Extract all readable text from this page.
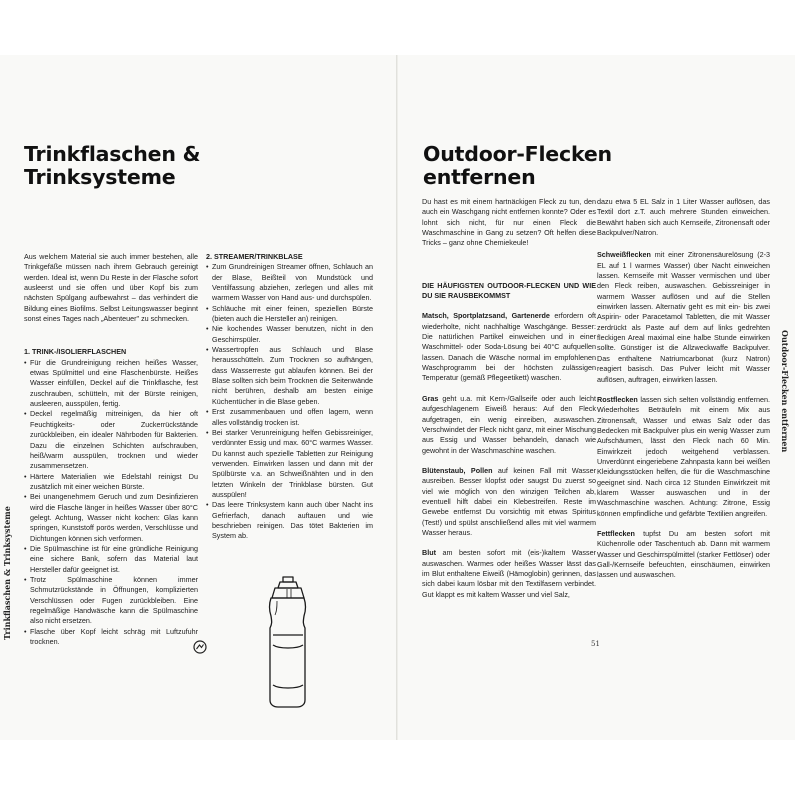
Trinkflaschen &
Trinksysteme

Aus welchem Material sie auch immer bestehen, alle Trinkgefäße müssen nach ihrem Gebrauch gereinigt werden. Ideal ist, wenn Du Reste in der Flasche sofort ausleerst und sie offen und über Kopf bis zum nächsten Spülgang aufbewahrst – das verhindert die Bildung eines Biofilms. Selbst Leitungswasser beginnt sonst eines Tages nach „Abenteuer" zu schmecken.

1. TRINK-/ISOLIERFLASCHEN

• Für die Grundreinigung reichen heißes Wasser, etwas Spülmittel und eine Flaschenbürste. Heißes Wasser einfüllen, Deckel auf die Trinkflasche, fest zuschrauben, schütteln, mit der Bürste reinigen, ausleeren, ausspülen, fertig.
• Deckel regelmäßig mitreinigen, da hier oft Feuchtigkeits- oder Zuckerrückstände zurückbleiben, ein idealer Nährboden für Bakterien. Dazu die einzelnen Schichten aufschrauben, heiß/warm ausspülen, trocknen und wieder zusammensetzen.
• Härtere Materialien wie Edelstahl reinigst Du zusätzlich mit einer weichen Bürste.
• Bei unangenehmem Geruch und zum Desinfizieren wird die Flasche länger in heißes Wasser über 80°C gelegt. Achtung, Wasser nicht kochen: Glas kann springen, Kunststoff porös werden, Verschlüsse und Dichtungen können sich verformen.
• Die Spülmaschine ist für eine gründliche Reinigung eine sichere Bank, sofern das Material laut Hersteller dafür geeignet ist.
• Trotz Spülmaschine können immer Schmutzrückstände in Öffnungen, komplizierten Verschlüssen oder Fugen zurückbleiben. Eine regelmäßige Handwäsche kann die Spülmaschine also nicht ersetzen.
• Flasche über Kopf leicht schräg mit Luftzufuhr trocknen.

2. STREAMER/TRINKBLASE

• Zum Grundreinigen Streamer öffnen, Schlauch an der Blase, Beißteil von Mundstück und Ventilfassung abziehen, zerlegen und alles mit warmem Wasser von Hand aus- und durchspülen.
• Schläuche mit einer feinen, speziellen Bürste (bieten auch die Hersteller an) reinigen.
• Nie kochendes Wasser benutzen, nicht in den Geschirrspüler.
• Wassertropfen aus Schlauch und Blase herausschütteln. Zum Trocknen so aufhängen, dass Wasserreste gut ablaufen können. Bei der Blase sollten sich beim Trocknen die Seitenwände nicht berühren, deshalb am besten einige Küchentücher in die Blase geben.
• Erst zusammenbauen und offen lagern, wenn alles vollständig trocken ist.
• Bei starker Verunreinigung helfen Gebissreiniger, verdünnter Essig und max. 60°C warmes Wasser. Du kannst auch spezielle Tabletten zur Reinigung verwenden. Einwirken lassen und dann mit der Spülbürste v.a. an Schweißnähten und in den letzten Winkeln der Trinkblase bürsten. Gut ausspülen!
• Das leere Trinksystem kann auch über Nacht ins Gefrierfach, danach auftauen und wie beschrieben reinigen. Das tötet Bakterien im System ab.
Outdoor-Flecken
entfernen

Du hast es mit einem hartnäckigen Fleck zu tun, den auch ein Waschgang nicht entfernen konnte? Oder es lohnt sich nicht, für nur einen Fleck die Waschmaschine in Gang zu setzen? Oft helfen diese Tricks – ganz ohne Chemiekeule!

DIE HÄUFIGSTEN OUTDOOR-FLECKEN UND WIE DU SIE RAUSBEKOMMST

Matsch, Sportplatzsand, Gartenerde erfordern oft wiederholte, nicht nachhaltige Waschgänge. Besser: Die natürlichen Partikel einweichen und in einer Waschmittel- oder Soda-Lösung bei 40°C aufquellen lassen. Danach die Wäsche normal im empfohlenen Waschprogramm bei der höchsten zulässigen Temperatur (gemäß Pflegeetikett) waschen.
Gras geht u.a. mit Kern-/Gallseife oder auch leicht aufgeschlagenem Eiweiß heraus: Auf den Fleck aufgetragen, ein wenig einreiben, auswaschen. Verschwindet der Fleck nicht ganz, mit einer Mischung aus Essig und Wasser behandeln, danach wie gewohnt in der Waschmaschine waschen.
Blütenstaub, Pollen auf keinen Fall mit Wasser ausreiben. Besser klopfst oder saugst Du zuerst so viel wie möglich von den winzigen Teilchen ab, eventuell hilft dabei ein Klebestreifen. Reste im Gewebe entfernst Du vorsichtig mit etwas Spiritus (Test!) und spülst anschließend alles mit viel warmem Wasser heraus.
Blut am besten sofort mit (eis-)kaltem Wasser auswaschen. Warmes oder heißes Wasser lässt das im Blut enthaltene Eiweiß (Hämoglobin) gerinnen, das sich dabei kaum lösbar mit den Textilfasern verbindet. Gut klappt es mit kaltem Wasser und viel Salz,
dazu etwa 5 EL Salz in 1 Liter Wasser auflösen, das Textil dort z.T. auch mehrere Stunden einweichen. Bewährt haben sich auch Kernseife, Zitronensaft oder Backpulver/Natron.
Schweißflecken mit einer Zitronensäurelösung (2-3 EL auf 1 l warmes Wasser) über Nacht einweichen lassen. Kernseife mit Wasser vermischen und über den Fleck reiben, auswaschen. Gebissreiniger in warmem Wasser auflösen und auf die Stellen einwirken lassen. Alternativ geht es mit ein- bis zwei Aspirin- oder Paracetamol Tabletten, die mit Wasser zerdrückt als Paste auf dem auf links gedrehten fleckigen Areal maximal eine halbe Stunde einwirken sollte. Günstiger ist die Allzweckwaffe Backpulver. Das enthaltene Natriumcarbonat (kurz Natron) reagiert basisch. Das Pulver leicht mit Wasser auflösen, auftragen, einwirken lassen.
Rostflecken lassen sich selten vollständig entfernen. Wiederholtes Beträufeln mit einem Mix aus Zitronensaft, Wasser und etwas Salz oder das Bedecken mit Backpulver plus ein wenig Wasser zum Aufschäumen, lässt den Fleck nach 60 Min. Einwirkzeit jedoch weitgehend verblassen. Unverdünnt eingeriebene Zahnpasta kann bei weißen Kleidungsstücken helfen, die für die Waschmaschine geeignet sind. Nach circa 12 Stunden Einwirkzeit mit klarem Wasser auswaschen und in der Waschmaschine waschen. Achtung: Zitrone, Essig können empfindliche und gefärbte Textilien angreifen.
Fettflecken tupfst Du am besten sofort mit Küchenrolle oder Taschentuch ab. Dann mit warmem Wasser und Geschirrspülmittel (starker Fettlöser) oder Gall-/Kernseife befeuchten, einschäumen, einwirken lassen und auswaschen.
51
Trinkflaschen & Trinksysteme
Outdoor-Flecken entfernen
